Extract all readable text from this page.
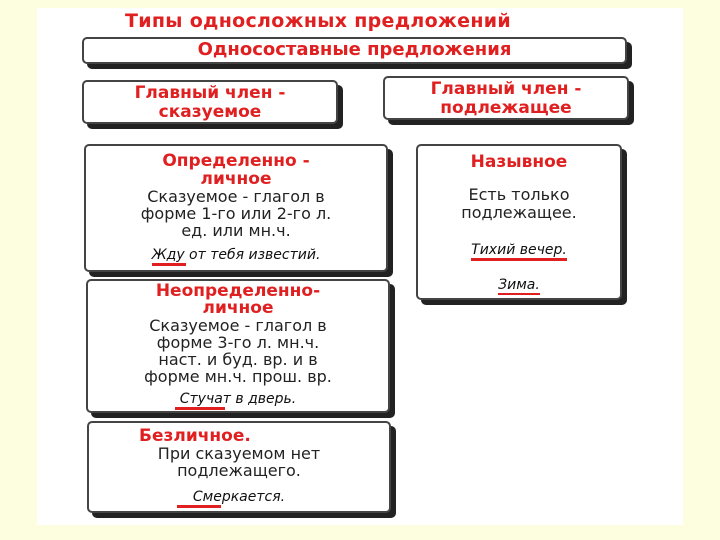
Типы односложных предложений
Односоставные предложения
Главный член -
сказуемое
Главный член -
подлежащее
Определенно -
личное
Сказуемое - глагол в
форме 1-го или 2-го л.
ед. или мн.ч.
Жду от тебя известий.
Назывное
Есть только
подлежащее.
Тихий вечер.
Зима.
Неопределенно-
личное
Сказуемое - глагол в
форме 3-го л. мн.ч.
наст. и буд. вр. и в
форме мн.ч. прош. вр.
Стучат в дверь.
Безличное.
При сказуемом нет
подлежащего.
Смеркается.
